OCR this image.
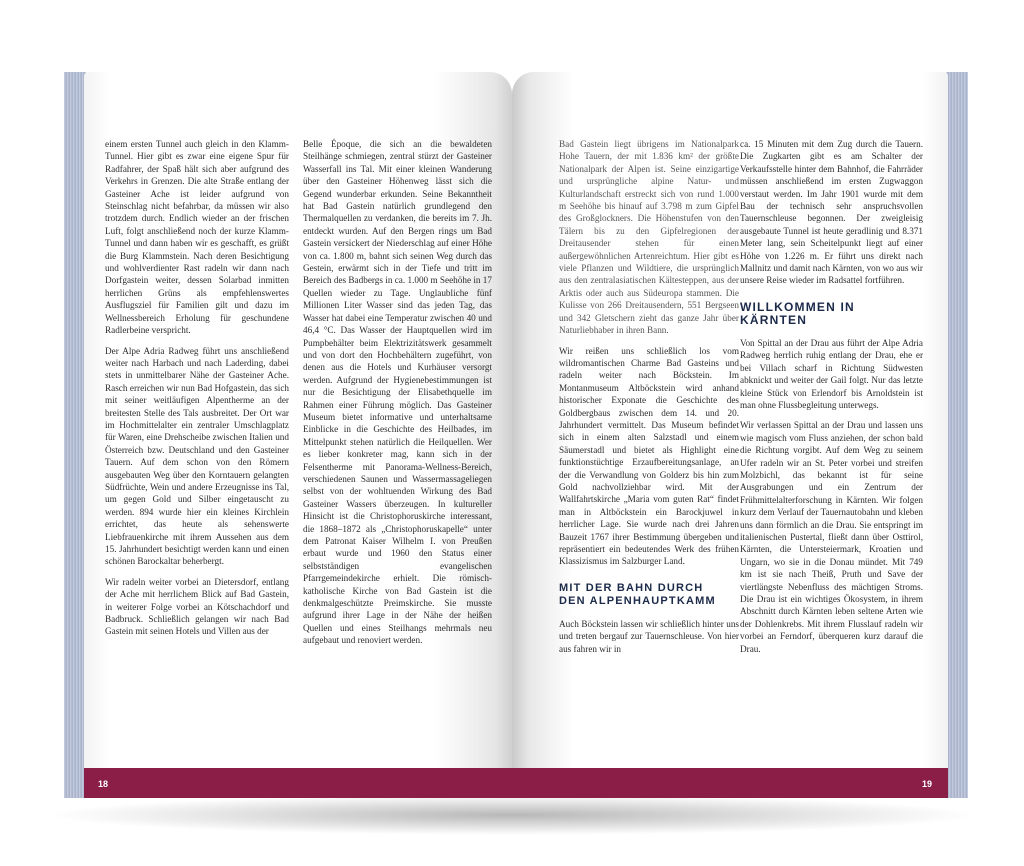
einem ersten Tunnel auch gleich in den Klamm-Tunnel. Hier gibt es zwar eine eigene Spur für Radfahrer, der Spaß hält sich aber aufgrund des Verkehrs in Grenzen. Die alte Straße entlang der Gasteiner Ache ist leider aufgrund von Steinschlag nicht befahrbar, da müssen wir also trotzdem durch. Endlich wieder an der frischen Luft, folgt anschließend noch der kurze Klamm-Tunnel und dann haben wir es geschafft, es grüßt die Burg Klammstein. Nach deren Besichtigung und wohlverdienter Rast radeln wir dann nach Dorfgastein weiter, dessen Solarbad inmitten herrlichen Grüns als empfehlenswertes Ausflugsziel für Familien gilt und dazu im Wellnessbereich Erholung für geschundene Radlerbeine verspricht.

Der Alpe Adria Radweg führt uns anschließend weiter nach Harbach und nach Laderding, dabei stets in unmittelbarer Nähe der Gasteiner Ache. Rasch erreichen wir nun Bad Hofgastein, das sich mit seiner weitläufigen Alpentherme an der breitesten Stelle des Tals ausbreitet. Der Ort war im Hochmittelalter ein zentraler Umschlagplatz für Waren, eine Drehscheibe zwischen Italien und Österreich bzw. Deutschland und den Gasteiner Tauern. Auf dem schon von den Römern ausgebauten Weg über den Korntauern gelangten Südfrüchte, Wein und andere Erzeugnisse ins Tal, um gegen Gold und Silber eingetauscht zu werden. 894 wurde hier ein kleines Kirchlein errichtet, das heute als sehenswerte Liebfrauenkirche mit ihrem Aussehen aus dem 15. Jahrhundert besichtigt werden kann und einen schönen Barockaltar beherbergt.

Wir radeln weiter vorbei an Dietersdorf, entlang der Ache mit herrlichem Blick auf Bad Gastein, in weiterer Folge vorbei an Kötschachdorf und Badbruck. Schließlich gelangen wir nach Bad Gastein mit seinen Hotels und Villen aus der

Belle Époque, die sich an die bewaldeten Steilhänge schmiegen, zentral stürzt der Gasteiner Wasserfall ins Tal. Mit einer kleinen Wanderung über den Gasteiner Höhenweg lässt sich die Gegend wunderbar erkunden. Seine Bekanntheit hat Bad Gastein natürlich grundlegend den Thermalquellen zu verdanken, die bereits im 7. Jh. entdeckt wurden. Auf den Bergen rings um Bad Gastein versickert der Niederschlag auf einer Höhe von ca. 1.800 m, bahnt sich seinen Weg durch das Gestein, erwärmt sich in der Tiefe und tritt im Bereich des Badbergs in ca. 1.000 m Seehöhe in 17 Quellen wieder zu Tage. Unglaubliche fünf Millionen Liter Wasser sind das jeden Tag, das Wasser hat dabei eine Temperatur zwischen 40 und 46,4 °C. Das Wasser der Hauptquellen wird im Pumpbehälter beim Elektrizitätswerk gesammelt und von dort den Hochbehältern zugeführt, von denen aus die Hotels und Kurhäuser versorgt werden. Aufgrund der Hygienebestimmungen ist nur die Besichtigung der Elisabethquelle im Rahmen einer Führung möglich. Das Gasteiner Museum bietet informative und unterhaltsame Einblicke in die Geschichte des Heilbades, im Mittelpunkt stehen natürlich die Heilquellen. Wer es lieber konkreter mag, kann sich in der Felsentherme mit Panorama-Wellness-Bereich, verschiedenen Saunen und Wassermassageliegen selbst von der wohltuenden Wirkung des Bad Gasteiner Wassers überzeugen. In kultureller Hinsicht ist die Christophoruskirche interessant, die 1868–1872 als „Christophoruskapelle“ unter dem Patronat Kaiser Wilhelm I. von Preußen erbaut wurde und 1960 den Status einer selbstständigen evangelischen Pfarrgemeindekirche erhielt. Die römisch-katholische Kirche von Bad Gastein ist die denkmalgeschützte Preimskirche. Sie musste aufgrund ihrer Lage in der Nähe der heißen Quellen und eines Steilhangs mehrmals neu aufgebaut und renoviert werden.

18

Bad Gastein liegt übrigens im Nationalpark Hohe Tauern, der mit 1.836 km² der größte Nationalpark der Alpen ist. Seine einzigartige und ursprüngliche alpine Natur- und Kulturlandschaft erstreckt sich von rund 1.000 m Seehöhe bis hinauf auf 3.798 m zum Gipfel des Großglockners. Die Höhenstufen von den Tälern bis zu den Gipfelregionen der Dreitausender stehen für einen außergewöhnlichen Artenreichtum. Hier gibt es viele Pflanzen und Wildtiere, die ursprünglich aus den zentralasiatischen Kältesteppen, aus der Arktis oder auch aus Südeuropa stammen. Die Kulisse von 266 Dreitausendern, 551 Bergseen und 342 Gletschern zieht das ganze Jahr über Naturliebhaber in ihren Bann.

Wir reißen uns schließlich los vom wildromantischen Charme Bad Gasteins und radeln weiter nach Böckstein. Im Montanmuseum Altböckstein wird anhand historischer Exponate die Geschichte des Goldbergbaus zwischen dem 14. und 20. Jahrhundert vermittelt. Das Museum befindet sich in einem alten Salzstadl und einem Säumerstadl und bietet als Highlight eine funktionstüchtige Erzaufbereitungsanlage, an der die Verwandlung von Golderz bis hin zum Gold nachvollziehbar wird. Mit der Wallfahrtskirche „Maria vom guten Rat“ findet man in Altböckstein ein Barockjuwel in herrlicher Lage. Sie wurde nach drei Jahren Bauzeit 1767 ihrer Bestimmung übergeben und repräsentiert ein bedeutendes Werk des frühen Klassizismus im Salzburger Land.

MIT DER BAHN DURCH
DEN ALPENHAUPTKAMM

Auch Böckstein lassen wir schließlich hinter uns und treten bergauf zur Tauernschleuse. Von hier aus fahren wir in

ca. 15 Minuten mit dem Zug durch die Tauern. Die Zugkarten gibt es am Schalter der Verkaufsstelle hinter dem Bahnhof, die Fahrräder müssen anschließend im ersten Zugwaggon verstaut werden. Im Jahr 1901 wurde mit dem Bau der technisch sehr anspruchsvollen Tauernschleuse begonnen. Der zweigleisig ausgebaute Tunnel ist heute geradlinig und 8.371 Meter lang, sein Scheitelpunkt liegt auf einer Höhe von 1.226 m. Er führt uns direkt nach Mallnitz und damit nach Kärnten, von wo aus wir unsere Reise wieder im Radsattel fortführen.

WILLKOMMEN IN
KÄRNTEN

Von Spittal an der Drau aus führt der Alpe Adria Radweg herrlich ruhig entlang der Drau, ehe er bei Villach scharf in Richtung Südwesten abknickt und weiter der Gail folgt. Nur das letzte kleine Stück von Erlendorf bis Arnoldstein ist man ohne Flussbegleitung unterwegs.

Wir verlassen Spittal an der Drau und lassen uns wie magisch vom Fluss anziehen, der schon bald die Richtung vorgibt. Auf dem Weg zu seinem Ufer radeln wir an St. Peter vorbei und streifen Molzbichl, das bekannt ist für seine Ausgrabungen und ein Zentrum der Frühmittelalterforschung in Kärnten. Wir folgen kurz dem Verlauf der Tauernautobahn und kleben uns dann förmlich an die Drau. Sie entspringt im italienischen Pustertal, fließt dann über Osttirol, Kärnten, die Untersteiermark, Kroatien und Ungarn, wo sie in die Donau mündet. Mit 749 km ist sie nach Theiß, Pruth und Save der viertlängste Nebenfluss des mächtigen Stroms. Die Drau ist ein wichtiges Ökosystem, in ihrem Abschnitt durch Kärnten leben seltene Arten wie der Dohlenkrebs. Mit ihrem Flusslauf radeln wir vorbei an Ferndorf, überqueren kurz darauf die Drau.

19
